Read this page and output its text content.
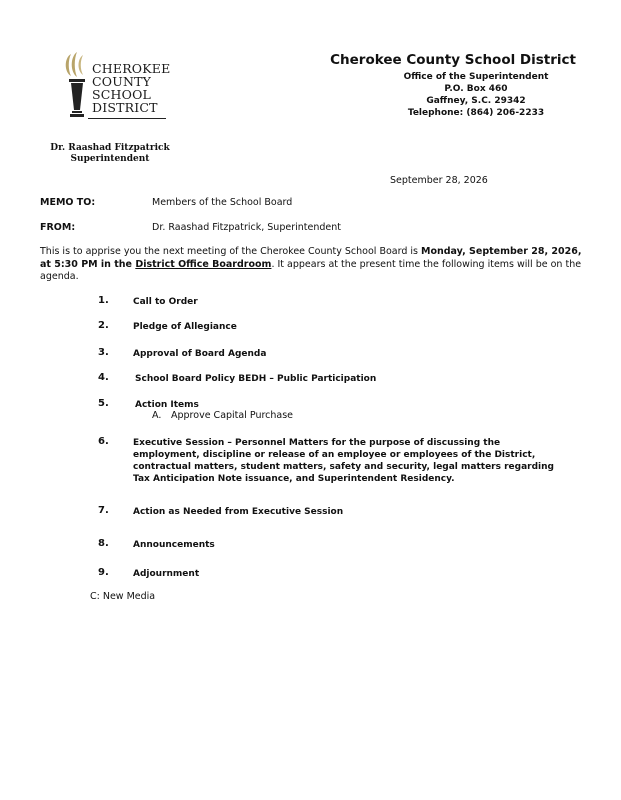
CHEROKEE
COUNTY
SCHOOL
DISTRICT
Dr. Raashad Fitzpatrick
Superintendent
Cherokee County School District
Office of the Superintendent
P.O. Box 460
Gaffney, S.C. 29342
Telephone: (864) 206-2233
September 28, 2026
MEMO TO:	Members of the School Board
FROM:	Dr. Raashad Fitzpatrick, Superintendent
This is to apprise you the next meeting of the Cherokee County School Board is Monday, September 28, 2026, at 5:30 PM in the District Office Boardroom. It appears at the present time the following items will be on the agenda.
1.	Call to Order
2.	Pledge of Allegiance
3.	Approval of Board Agenda
4.	School Board Policy BEDH – Public Participation
5.	Action Items
A. Approve Capital Purchase
6.	Executive Session – Personnel Matters for the purpose of discussing the employment, discipline or release of an employee or employees of the District, contractual matters, student matters, safety and security, legal matters regarding Tax Anticipation Note issuance, and Superintendent Residency.
7.	Action as Needed from Executive Session
8.	Announcements
9.	Adjournment
C: New Media
